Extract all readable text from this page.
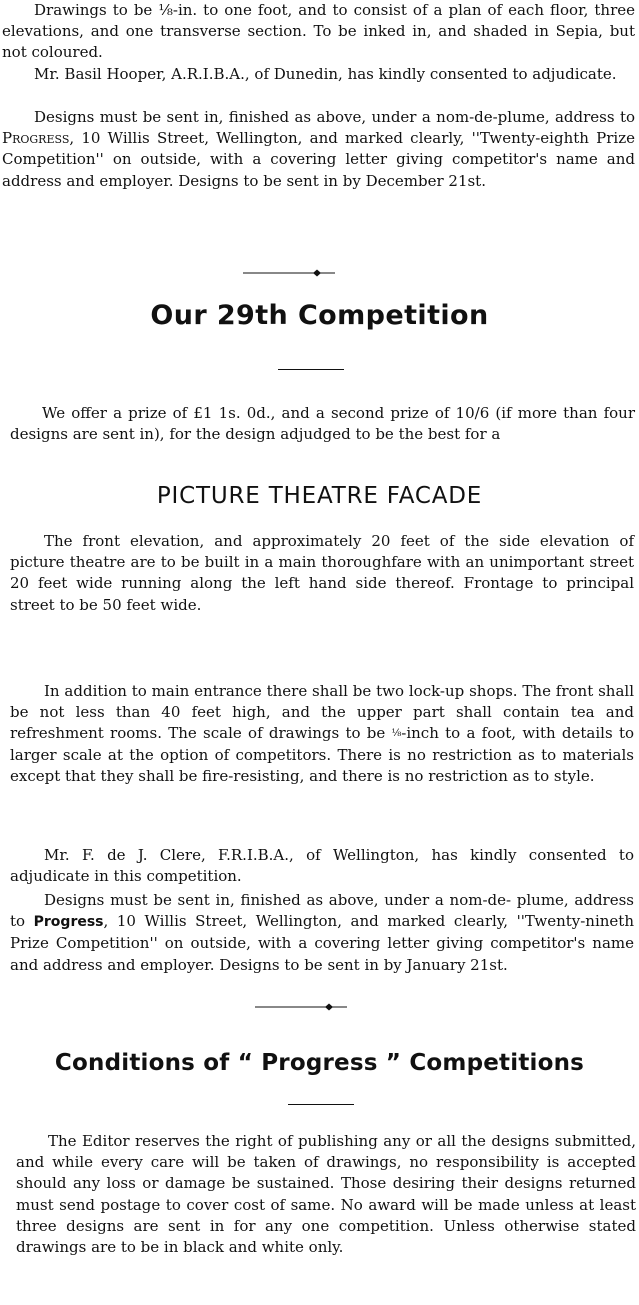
Drawings to be ⅛-in. to one foot, and to consist of a plan of each floor, three elevations, and one transverse section. To be inked in, and shaded in Sepia, but not coloured.

Mr. Basil Hooper, A.R.I.B.A., of Dunedin, has kindly consented to adjudicate.

Designs must be sent in, finished as above, under a nom-de-plume, address to Progress, 10 Willis Street, Wellington, and marked clearly, ''Twenty-eighth Prize Competition'' on outside, with a covering letter giving competitor's name and address and employer. Designs to be sent in by December 21st.

Our 29th Competition

We offer a prize of £1 1s. 0d., and a second prize of 10/6 (if more than four designs are sent in), for the design adjudged to be the best for a

PICTURE THEATRE FACADE

The front elevation, and approximately 20 feet of the side elevation of picture theatre are to be built in a main thoroughfare with an unimportant street 20 feet wide running along the left hand side thereof. Frontage to principal street to be 50 feet wide.

In addition to main entrance there shall be two lock-up shops. The front shall be not less than 40 feet high, and the upper part shall contain tea and refreshment rooms. The scale of drawings to be ⅛-inch to a foot, with details to larger scale at the option of competitors. There is no restriction as to materials except that they shall be fire-resisting, and there is no restriction as to style.

Mr. F. de J. Clere, F.R.I.B.A., of Wellington, has kindly consented to adjudicate in this competition.

Designs must be sent in, finished as above, under a nom-de- plume, address to Progress, 10 Willis Street, Wellington, and marked clearly, ''Twenty-nineth Prize Competition'' on outside, with a covering letter giving competitor's name and address and employer. Designs to be sent in by January 21st.

Conditions of “ Progress ” Competitions

The Editor reserves the right of publishing any or all the designs submitted, and while every care will be taken of drawings, no responsibility is accepted should any loss or damage be sustained. Those desiring their designs returned must send postage to cover cost of same. No award will be made unless at least three designs are sent in for any one competition. Unless otherwise stated drawings are to be in black and white only.
